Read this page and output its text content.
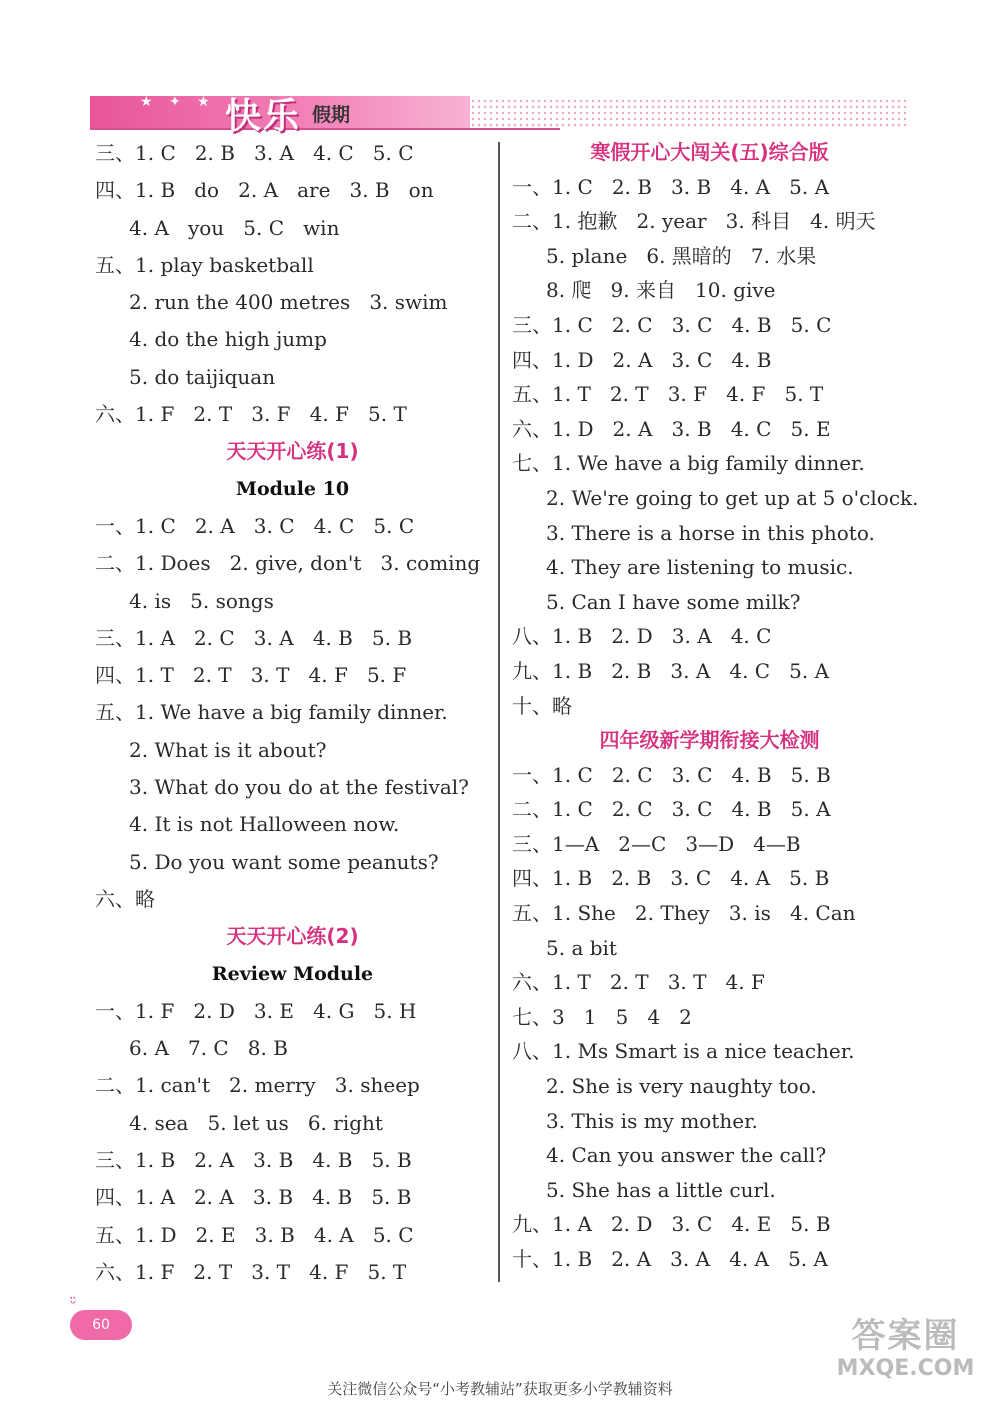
★ ✦ ★ 快乐 假期
三、1. C   2. B   3. A   4. C   5. C
四、1. B   do   2. A   are   3. B   on
4. A   you   5. C   win
五、1. play basketball
2. run the 400 metres   3. swim
4. do the high jump
5. do taijiquan
六、1. F   2. T   3. F   4. F   5. T
天天开心练(1)
Module 10
一、1. C   2. A   3. C   4. C   5. C
二、1. Does   2. give, don't   3. coming
4. is   5. songs
三、1. A   2. C   3. A   4. B   5. B
四、1. T   2. T   3. T   4. F   5. F
五、1. We have a big family dinner.
2. What is it about?
3. What do you do at the festival?
4. It is not Halloween now.
5. Do you want some peanuts?
六、略
天天开心练(2)
Review Module
一、1. F   2. D   3. E   4. G   5. H
6. A   7. C   8. B
二、1. can't   2. merry   3. sheep
4. sea   5. let us   6. right
三、1. B   2. A   3. B   4. B   5. B
四、1. A   2. A   3. B   4. B   5. B
五、1. D   2. E   3. B   4. A   5. C
六、1. F   2. T   3. T   4. F   5. T
寒假开心大闯关(五)综合版
一、1. C   2. B   3. B   4. A   5. A
二、1. 抱歉   2. year   3. 科目   4. 明天
5. plane   6. 黑暗的   7. 水果
8. 爬   9. 来自   10. give
三、1. C   2. C   3. C   4. B   5. C
四、1. D   2. A   3. C   4. B
五、1. T   2. T   3. F   4. F   5. T
六、1. D   2. A   3. B   4. C   5. E
七、1. We have a big family dinner.
2. We're going to get up at 5 o'clock.
3. There is a horse in this photo.
4. They are listening to music.
5. Can I have some milk?
八、1. B   2. D   3. A   4. C
九、1. B   2. B   3. A   4. C   5. A
十、略
四年级新学期衔接大检测
一、1. C   2. C   3. C   4. B   5. B
二、1. C   2. C   3. C   4. B   5. A
三、1—A   2—C   3—D   4—B
四、1. B   2. B   3. C   4. A   5. B
五、1. She   2. They   3. is   4. Can
5. a bit
六、1. T   2. T   3. T   4. F
七、3   1   5   4   2
八、1. Ms Smart is a nice teacher.
2. She is very naughty too.
3. This is my mother.
4. Can you answer the call?
5. She has a little curl.
九、1. A   2. D   3. C   4. E   5. B
十、1. B   2. A   3. A   4. A   5. A
ᵕ̈
60	答案圈
MXQE.COM
关注微信公众号“小考教辅站”获取更多小学教辅资料
